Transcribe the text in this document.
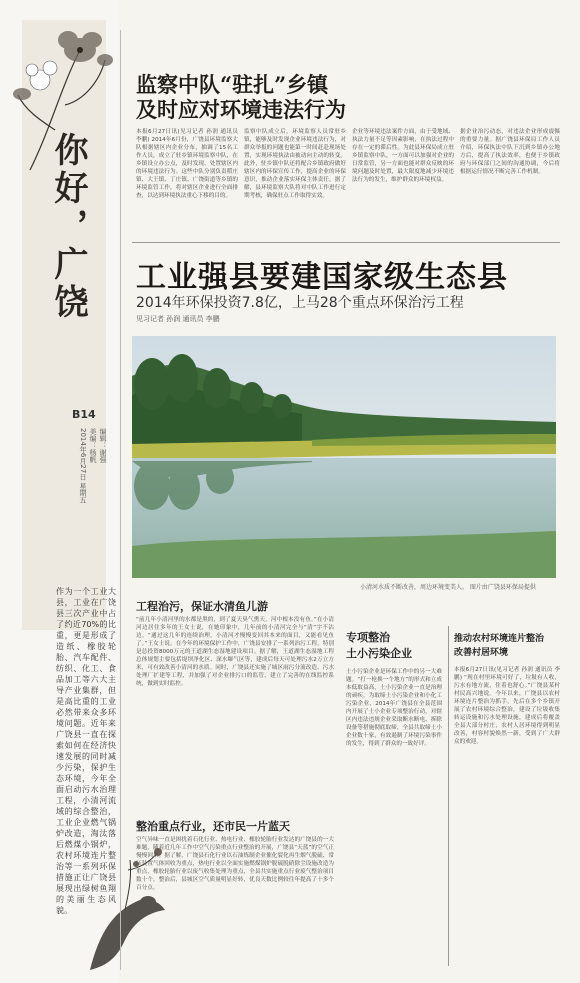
你好，广饶
B14
编辑：谢强
美编：杨帆
2014年6月27日 星期五
作为一个工业大县，工业在广饶县三次产业中占了约近70%的比重，更是形成了造纸、橡胶轮胎、汽车配件、纺织、化工、食品加工等六大主导产业集群，但是高比重的工业必然带来众多环境问题。近年来广饶县一直在探索如何在经济快速发展的同时减少污染，保护生态环境，今年全面启动污水治理工程，小清河流域的综合整治，工业企业燃气锅炉改造，淘汰落后燃煤小锅炉，农村环境连片整治等一系列环保措施正让广饶县展现出绿树鱼翔的美丽生态风貌。
监察中队“驻扎”乡镇
及时应对环境违法行为
本报6月27日讯(见习记者 孙润 通讯员 李鹏) 2014年6月份，广饶县环境监察大队根据辖区内企业分布，抽调了15名工作人员，成立了驻乡镇环境监察中队，在乡镇设立办公点，及时发现、处置辖区内的环境违法行为。这些中队分别负责稻庄镇、大王镇、丁庄镇、广饶街道等乡镇的环境监管工作，将对辖区企业进行全面排查，以达到环境执法重心下移的目的。
监察中队成立后，环境监察人员常驻乡镇，能够及时发现企业环境违法行为，对群众举报的问题也能第一时间赶赴现场处置，实现环境执法由被动向主动的转变。此外，驻乡镇中队还将配合乡镇政府做好辖区内的环保宣传工作，提高企业的环保意识，推动企业落实环保主体责任。据了解，县环境监察大队将对中队工作进行定期考核，确保驻点工作取得实效。
企业等环境违法案件方面，由于受地域、执法力量不足等因素影响，在执法过程中存在一定的滞后性。为此县环保局成立驻乡镇监察中队，一方面可以加强对企业的日常监管，另一方面也能对群众反映的环境问题及时处置，最大限度地减少环境违法行为的发生，维护群众的环境权益。
据企业治污动态，对违法企业形成震慑的重要力量。据广饶县环保局工作人员介绍，环保执法中队下沉到乡镇办公地方后，提高了执法效率，也便于乡镇政府与环保部门之间的沟通协调，今后将根据运行情况不断完善工作机制。
工业强县要建国家级生态县
2014年环保投资7.8亿，上马28个重点环保治污工程
见习记者 孙润 通讯员 李鹏
小清河水质不断改善，周边环境变美人。 图片由广饶县环保局提供
工程治污，保证水清鱼儿游
“前几年小清河里的水都是黑的，到了夏天臭气熏天，河中根本没有鱼。”在小清河边居住多年的王女士说，在她印象中，几年前的小清河完全与“清”字不沾边。“通过这几年的连续治理，小清河才慢慢变回其本来的面目，又能看见鱼了。”王女士说。在今年的环境保护工作中，广饶县安排了一系列治污工程，特别是总投资8000万元的王道湖生态湿地建设项目。据了解，王道湖生态湿地工程总体规划主要包括堤坝净化区、深水曝气区等，建成后每天可处理污水2万立方米，可有效改善小清河的水质。同时，广饶县还实施了城区雨污分流改造、污水处理厂扩建等工程，并加强了对企业排污口的监管，建立了完善的在线监控系统，做到实时监控。
整治重点行业，还市民一片蓝天
空气异味一直是困扰着石化行业、热电行业、橡胶轮胎行业发达的广饶县的一大难题，随着近几年工作中空气污染重点行业整治的开展，广饶县“天蓝”的空气正慢慢回来。据了解，广饶县石化行业以石油炼制企业催化裂化再生烟气脱硫、常压装置气体回收为重点，热电行业以全面实施燃煤锅炉脱硫脱硝除尘设施改造为重点，橡胶轮胎行业以废气收集处理为重点，全县共实施重点行业废气整治项目数十个。整治后，县城区空气质量明显好转，优良天数比例较往年提高了十多个百分点。
专项整治
土小污染企业
土小污染企业是环保工作中的另一大难题。“打一枪换一个地方”的形式和立成本低取益高，土小污染企业一直是治理的顽疾。为取缔土小污染企业和小化工污染企业，2014年广饶县在全县范围内开展了土小企业专项整治行动，对辖区内违法违规企业采取断水断电、拆除设备等措施彻底取缔，全县共取缔土小企业数十家，有效遏制了环境污染事件的发生，得到了群众的一致好评。
推动农村环境连片整治
改善村居环境
本报6月27日讯(见习记者 孙润 通讯员 李鹏) “现在村里环境可好了，垃圾有人收，污水有地方流，住着也舒心。”广饶县某村村民高兴地说。今年以来，广饶县以农村环境连片整治为抓手，先后在多个乡镇开展了农村环境综合整治，建设了垃圾收集转运设施和污水处理设施，建成后将覆盖全县大部分村庄，农村人居环境得到明显改善，村容村貌焕然一新，受到了广大群众的欢迎。
